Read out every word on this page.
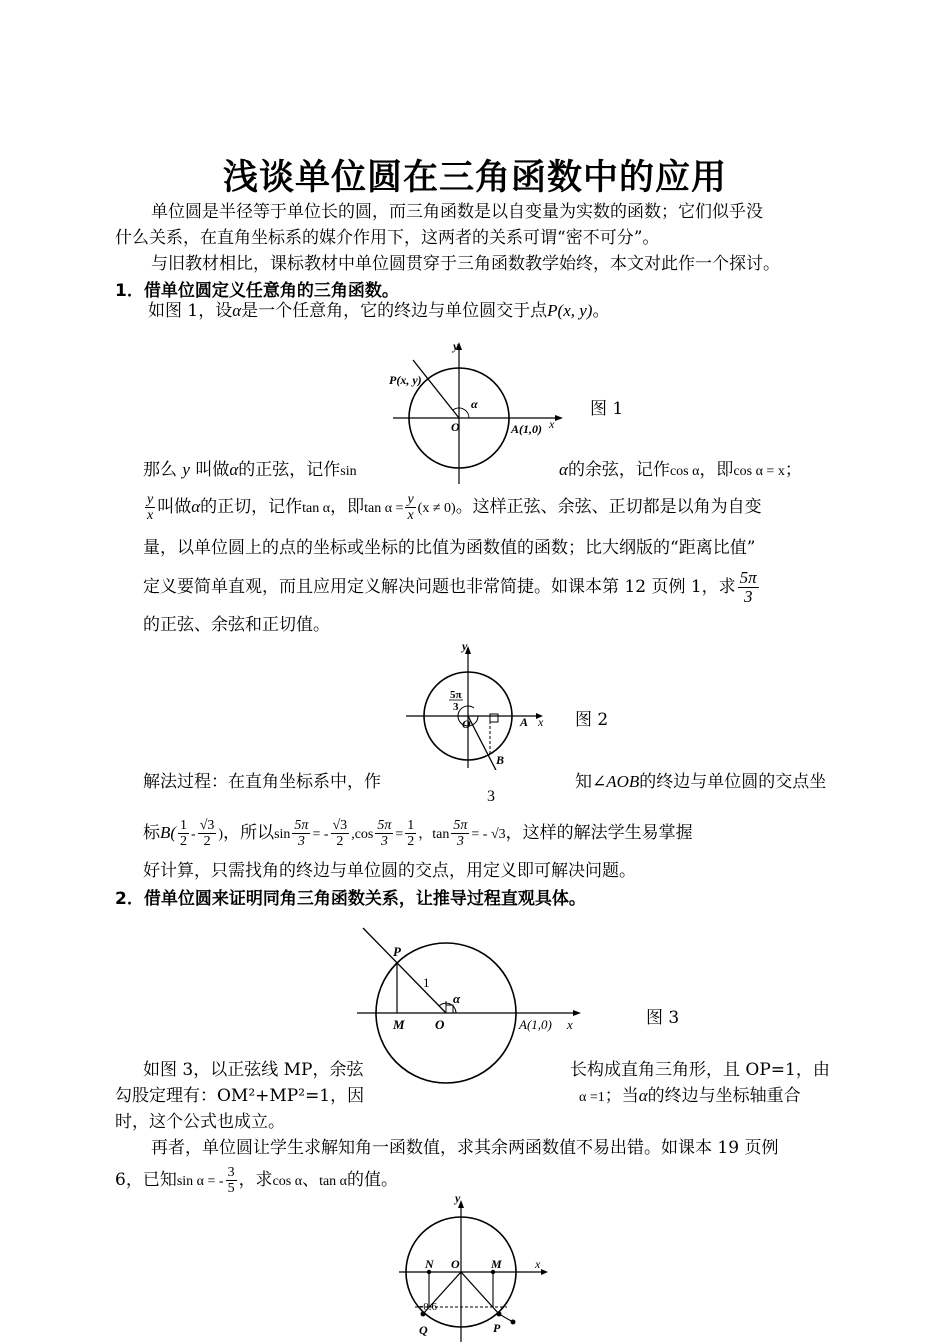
浅谈单位圆在三角函数中的应用
单位圆是半径等于单位长的圆，而三角函数是以自变量为实数的函数；它们似乎没
什么关系，在直角坐标系的媒介作用下，这两者的关系可谓“密不可分”。
与旧教材相比，课标教材中单位圆贯穿于三角函数教学始终，本文对此作一个探讨。
1．借单位圆定义任意角的三角函数。
如图 1，设α是一个任意角，它的终边与单位圆交于点P(x, y)。
y
x
O
P(x, y)
A(1,0)
α	图 1
那么 y 叫做α的正弦，记作sin	α的余弦，记作cos α，即cos α = x；
$\frac{y}{x}$ 叫做α的正切，记作tan α，即$\tan \alpha = \frac{y}{x} (x \ne 0)$。这样正弦、余弦、正切都是以角为自变
量，以单位圆上的点的坐标或坐标的比值为函数值的函数；比大纲版的“距离比值”
定义要简单直观，而且应用定义解决问题也非常简捷。如课本第 12 页例 1，求 $\frac{5\pi}{3}$
的正弦、余弦和正切值。
y
x
O	A
B
5π
3
图 2
解法过程：在直角坐标系中，作	知∠AOB的终边与单位圆的交点坐
3
标$B( \frac{1}{2} - \frac{√3}{2}$ )，所以$\sin \frac{5\pi}{3}$ = - $\frac{√3}{2} ,\cos \frac{5\pi}{3} = \frac{1}{2}$ ，$\tan \frac{5\pi}{3}$ = - √3，这样的解法学生易掌握
好计算，只需找角的终边与单位圆的交点，用定义即可解决问题。
2．借单位圆来证明同角三角函数关系，让推导过程直观具体。
P
M O	A(1,0) x
1
α
图 3
如图 3，以正弦线 MP，余弦	长构成直角三角形，且 OP=1，由
勾股定理有：OM²+MP²=1，因	α =1；当α的终边与坐标轴重合
时，这个公式也成立。
再者，单位圆让学生求解知角一函数值，求其余两函数值不易出错。如课本 19 页例
6，已知sin α = - $\frac{3}{5}$ ，求cos α、tan α的值。
y
x
N O	M
Q	P
−0.6
